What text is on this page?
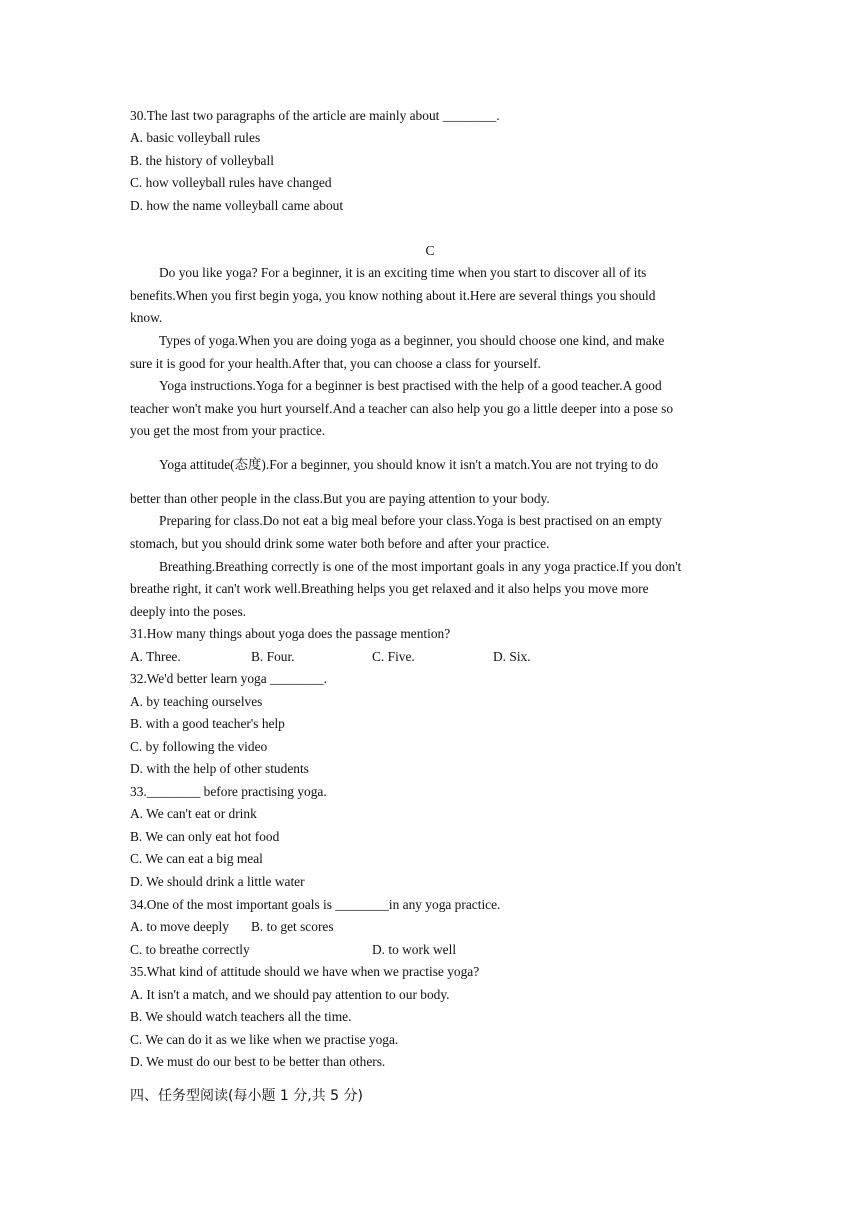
30.The last two paragraphs of the article are mainly about ________.
A. basic volleyball rules
B. the history of volleyball
C. how volleyball rules have changed
D. how the name volleyball came about
C
Do you like yoga? For a beginner, it is an exciting time when you start to discover all of its
benefits.When you first begin yoga, you know nothing about it.Here are several things you should
know.
Types of yoga.When you are doing yoga as a beginner, you should choose one kind, and make
sure it is good for your health.After that, you can choose a class for yourself.
Yoga instructions.Yoga for a beginner is best practised with the help of a good teacher.A good
teacher won't make you hurt yourself.And a teacher can also help you go a little deeper into a pose so
you get the most from your practice.
Yoga attitude(态度).For a beginner, you should know it isn't a match.You are not trying to do
better than other people in the class.But you are paying attention to your body.
Preparing for class.Do not eat a big meal before your class.Yoga is best practised on an empty
stomach, but you should drink some water both before and after your practice.
Breathing.Breathing correctly is one of the most important goals in any yoga practice.If you don't
breathe right, it can't work well.Breathing helps you get relaxed and it also helps you move more
deeply into the poses.
31.How many things about yoga does the passage mention?
A. Three.	B. Four.	C. Five.	D. Six.
32.We'd better learn yoga ________.
A. by teaching ourselves
B. with a good teacher's help
C. by following the video
D. with the help of other students
33.________ before practising yoga.
A. We can't eat or drink
B. We can only eat hot food
C. We can eat a big meal
D. We should drink a little water
34.One of the most important goals is ________in any yoga practice.
A. to move deeply B. to get scores
C. to breathe correctly	D. to work well
35.What kind of attitude should we have when we practise yoga?
A. It isn't a match, and we should pay attention to our body.
B. We should watch teachers all the time.
C. We can do it as we like when we practise yoga.
D. We must do our best to be better than others.
四、任务型阅读(每小题 1 分,共 5 分)
